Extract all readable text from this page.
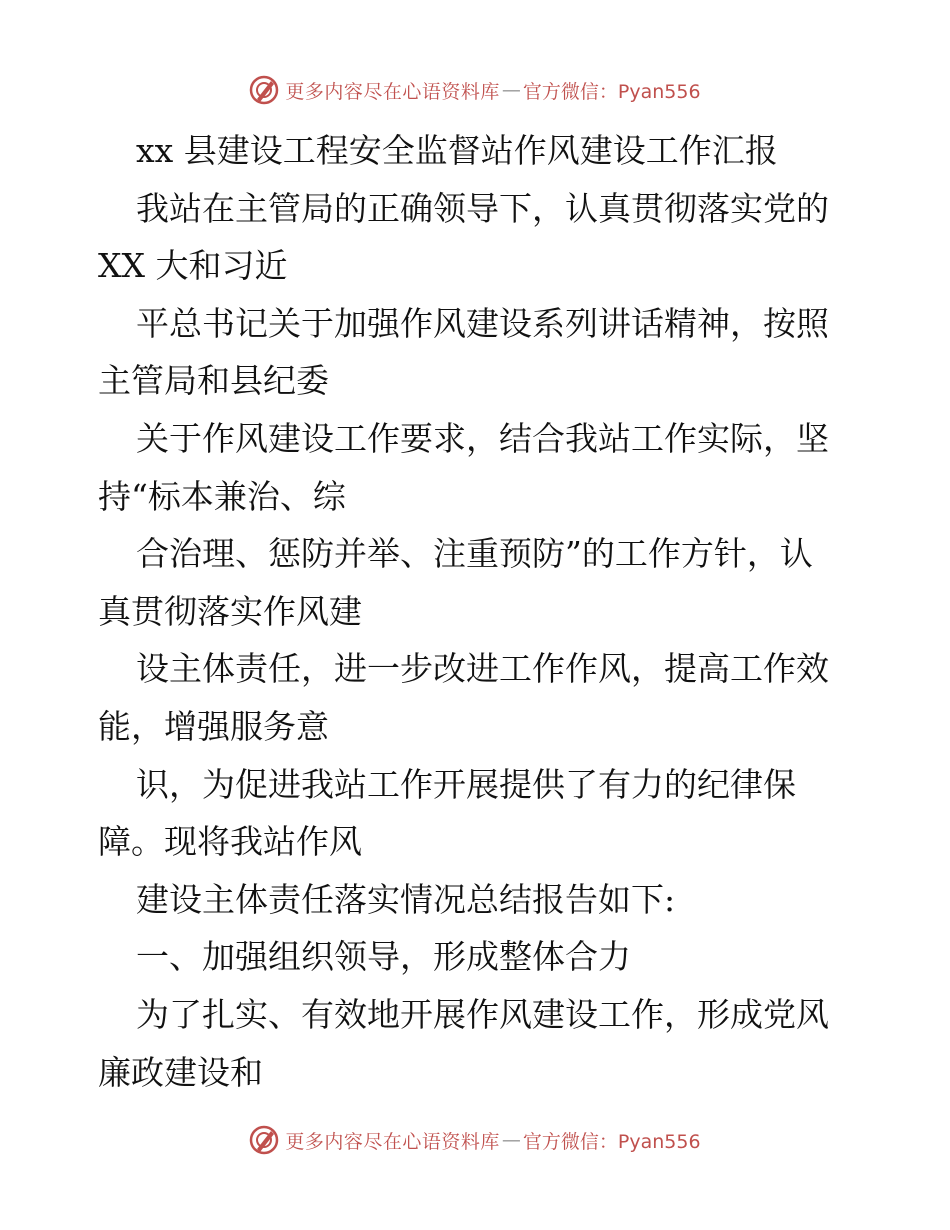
更多内容尽在心语资料库 — 官方微信：Pyan556
xx 县建设工程安全监督站作风建设工作汇报
我站在主管局的正确领导下，认真贯彻落实党的
XX 大和习近
平总书记关于加强作风建设系列讲话精神，按照
主管局和县纪委
关于作风建设工作要求，结合我站工作实际，坚
持“标本兼治、综
合治理、惩防并举、注重预防”的工作方针，认
真贯彻落实作风建
设主体责任，进一步改进工作作风，提高工作效
能，增强服务意
识，为促进我站工作开展提供了有力的纪律保
障。现将我站作风
建设主体责任落实情况总结报告如下:
一、加强组织领导，形成整体合力
为了扎实、有效地开展作风建设工作，形成党风
廉政建设和
更多内容尽在心语资料库 — 官方微信：Pyan556
